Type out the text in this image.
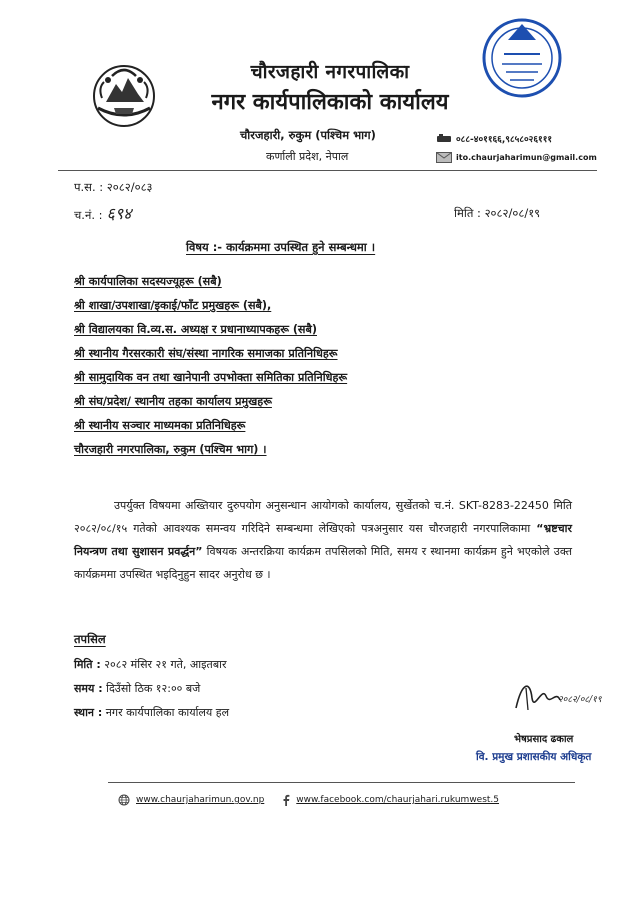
चौरजहारी नगरपालिका
नगर कार्यपालिकाको कार्यालय
चौरजहारी, रुकुम (पश्चिम भाग)
कर्णाली प्रदेश, नेपाल
०८८-४०११६६,९८५८०२६१११
ito.chaurjaharimun@gmail.com
प.स. : २०८२/०८३
च.नं. : ६९४	मिति : २०८२/०८/१९
विषय :- कार्यक्रममा उपस्थित हुने सम्बन्धमा ।
श्री कार्यपालिका सदस्यज्यूहरू (सबै)
श्री शाखा/उपशाखा/इकाई/फाँट प्रमुखहरू (सबै),
श्री विद्यालयका वि.व्य.स. अध्यक्ष र प्रधानाध्यापकहरू (सबै)
श्री स्थानीय गैरसरकारी संघ/संस्था नागरिक समाजका प्रतिनिधिहरू
श्री सामुदायिक वन तथा खानेपानी उपभोक्ता समितिका प्रतिनिधिहरू
श्री संघ/प्रदेश/ स्थानीय तहका कार्यालय प्रमुखहरू
श्री स्थानीय सञ्चार माध्यमका प्रतिनिधिहरू
चौरजहारी नगरपालिका, रुकुम (पश्चिम भाग) ।

उपर्युक्त विषयमा अख्तियार दुरुपयोग अनुसन्धान आयोगको कार्यालय, सुर्खेतको च.नं. SKT-8283-22450 मिति २०८२/०८/१५ गतेको आवश्यक समन्वय गरिदिने सम्बन्धमा लेखिएको पत्रअनुसार यस चौरजहारी नगरपालिकामा “भ्रष्टचार नियन्त्रण तथा सुशासन प्रवर्द्धन” विषयक अन्तरक्रिया कार्यक्रम तपसिलको मिति, समय र स्थानमा कार्यक्रम हुने भएकोले उक्त कार्यक्रममा उपस्थित भइदिनुहुन सादर अनुरोध छ ।

तपसिल
मिति : २०८२ मंसिर २१ गते, आइतबार
समय : दिउँसो ठिक १२:०० बजे
स्थान : नगर कार्यपालिका कार्यालय हल
२०८२/०८/१९
भेषप्रसाद ढकाल
वि. प्रमुख प्रशासकीय अधिकृत
www.chaurjaharimun.gov.np	www.facebook.com/chaurjahari.rukumwest.5
